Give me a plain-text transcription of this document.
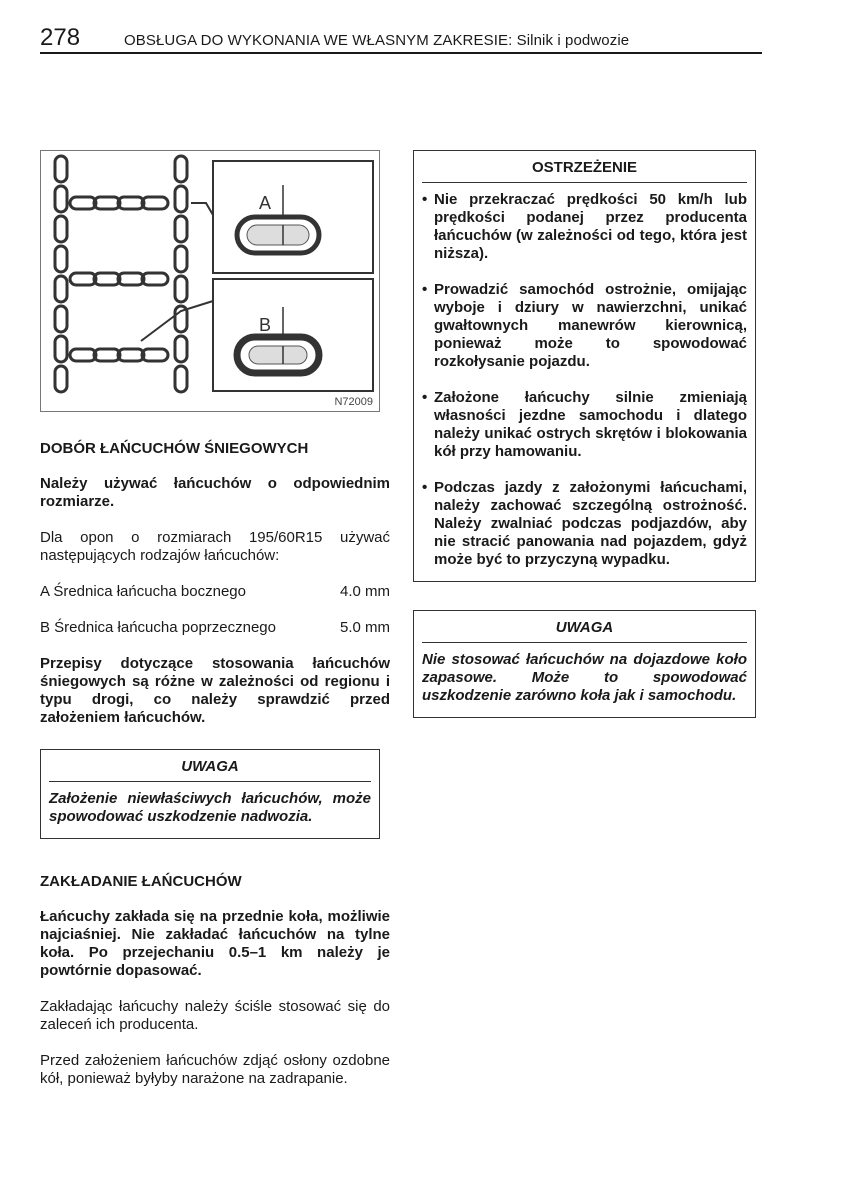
278	OBSŁUGA DO WYKONANIA WE WŁASNYM ZAKRESIE: Silnik i podwozie
A
B
N72009

DOBÓR ŁAŃCUCHÓW ŚNIEGOWYCH

Należy używać łańcuchów o odpowiednim rozmiarze.

Dla opon o rozmiarach 195/60R15 używać następujących rodzajów łańcuchów:

A Średnica łańcucha bocznego	4.0 mm
B Średnica łańcucha poprzecznego	5.0 mm

Przepisy dotyczące stosowania łańcuchów śniegowych są różne w zależności od regionu i typu drogi, co należy sprawdzić przed założeniem łańcuchów.

UWAGA
Założenie niewłaściwych łańcuchów, może spowodować uszkodzenie nadwozia.

ZAKŁADANIE ŁAŃCUCHÓW

Łańcuchy zakłada się na przednie koła, możliwie najciaśniej. Nie zakładać łańcuchów na tylne koła. Po przejechaniu 0.5–1 km należy je powtórnie dopasować.

Zakładając łańcuchy należy ściśle stosować się do zaleceń ich producenta.

Przed założeniem łańcuchów zdjąć osłony ozdobne kół, ponieważ byłyby narażone na zadrapanie.

OSTRZEŻENIE
• Nie przekraczać prędkości 50 km/h lub prędkości podanej przez producenta łańcuchów (w zależności od tego, która jest niższa).
• Prowadzić samochód ostrożnie, omijając wyboje i dziury w nawierzchni, unikać gwałtownych manewrów kierownicą, ponieważ może to spowodować rozkołysanie pojazdu.
• Założone łańcuchy silnie zmieniają własności jezdne samochodu i dlatego należy unikać ostrych skrętów i blokowania kół przy hamowaniu.
• Podczas jazdy z założonymi łańcuchami, należy zachować szczególną ostrożność. Należy zwalniać podczas podjazdów, aby nie stracić panowania nad pojazdem, gdyż może być to przyczyną wypadku.
UWAGA
Nie stosować łańcuchów na dojazdowe koło zapasowe. Może to spowodować uszkodzenie zarówno koła jak i samochodu.
